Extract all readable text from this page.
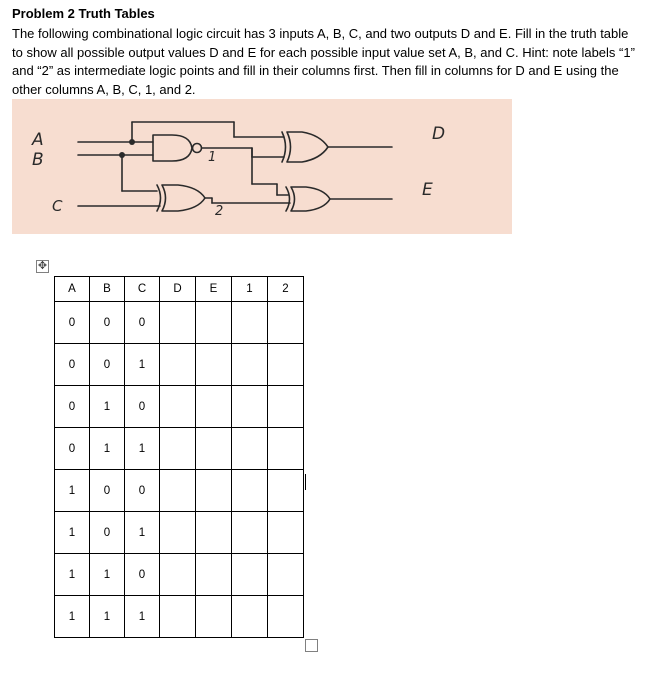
Problem 2 Truth Tables
The following combinational logic circuit has 3 inputs A, B, C, and two outputs D and E. Fill in the truth table to show all possible output values D and E for each possible input value set A, B, and C. Hint: note labels “1” and “2” as intermediate logic points and fill in their columns first. Then fill in columns for D and E using the other columns A, B, C, 1, and 2.
A
B
C
D
E
1
2
✥
A	B	C	D	E	1	2
0	0	0				
0	0	1				
0	1	0				
0	1	1				
1	0	0				
1	0	1				
1	1	0				
1	1	1				
